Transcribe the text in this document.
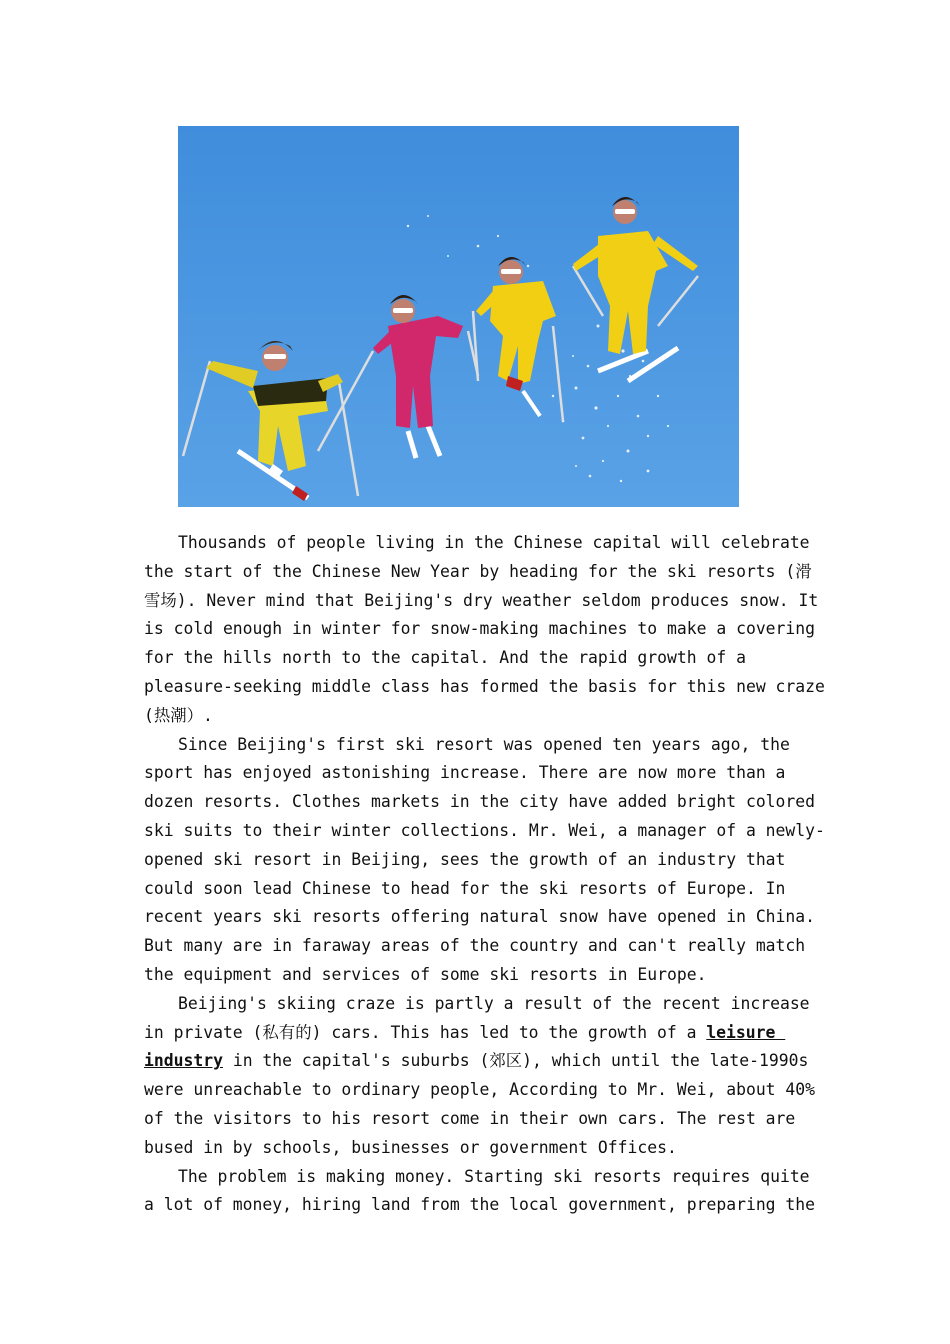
Thousands of people living in the Chinese capital will celebrate
the start of the Chinese New Year by heading for the ski resorts (滑
雪场). Never mind that Beijing's dry weather seldom produces snow. It
is cold enough in winter for snow-making machines to make a covering
for the hills north to the capital. And the rapid growth of a
pleasure-seeking middle class has formed the basis for this new craze
(热潮）.
Since Beijing's first ski resort was opened ten years ago, the
sport has enjoyed astonishing increase. There are now more than a
dozen resorts. Clothes markets in the city have added bright colored
ski suits to their winter collections. Mr. Wei, a manager of a newly-
opened ski resort in Beijing, sees the growth of an industry that
could soon lead Chinese to head for the ski resorts of Europe. In
recent years ski resorts offering natural snow have opened in China.
But many are in faraway areas of the country and can't really match
the equipment and services of some ski resorts in Europe.
Beijing's skiing craze is partly a result of the recent increase
in private (私有的) cars. This has led to the growth of a leisure
industry in the capital's suburbs (郊区), which until the late-1990s
were unreachable to ordinary people, According to Mr. Wei, about 40%
of the visitors to his resort come in their own cars. The rest are
bused in by schools, businesses or government Offices.
The problem is making money. Starting ski resorts requires quite
a lot of money, hiring land from the local government, preparing the
